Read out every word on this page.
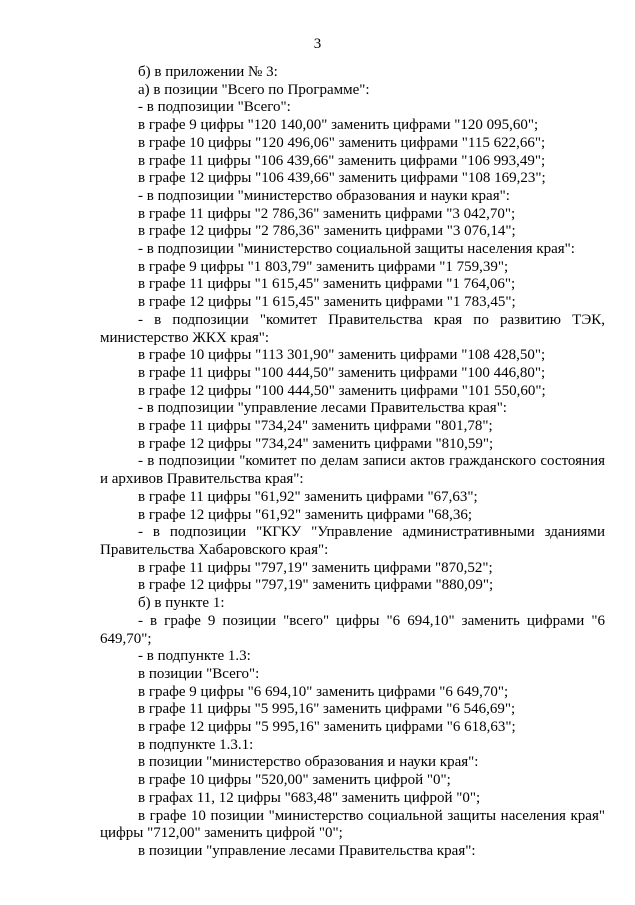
3
б) в приложении № 3:
а) в позиции "Всего по Программе":
- в подпозиции "Всего":
в графе 9 цифры "120 140,00" заменить цифрами "120 095,60";
в графе 10 цифры "120 496,06" заменить цифрами "115 622,66";
в графе 11 цифры "106 439,66" заменить цифрами "106 993,49";
в графе 12 цифры "106 439,66" заменить цифрами "108 169,23";
- в подпозиции "министерство образования и науки края":
в графе 11 цифры "2 786,36" заменить цифрами "3 042,70";
в графе 12 цифры "2 786,36" заменить цифрами "3 076,14";
- в подпозиции "министерство социальной защиты населения края":
в графе 9 цифры "1 803,79" заменить цифрами "1 759,39";
в графе 11 цифры "1 615,45" заменить цифрами "1 764,06";
в графе 12 цифры "1 615,45" заменить цифрами "1 783,45";
- в подпозиции "комитет Правительства края по развитию ТЭК, министерство ЖКХ края":
в графе 10 цифры "113 301,90" заменить цифрами "108 428,50";
в графе 11 цифры "100 444,50" заменить цифрами "100 446,80";
в графе 12 цифры "100 444,50" заменить цифрами "101 550,60";
- в подпозиции "управление лесами Правительства края":
в графе 11 цифры "734,24" заменить цифрами "801,78";
в графе 12 цифры "734,24" заменить цифрами "810,59";
- в подпозиции "комитет по делам записи актов гражданского состояния и архивов Правительства края":
в графе 11 цифры "61,92" заменить цифрами "67,63";
в графе 12 цифры "61,92" заменить цифрами "68,36;
- в подпозиции "КГКУ "Управление административными зданиями Правительства Хабаровского края":
в графе 11 цифры "797,19" заменить цифрами "870,52";
в графе 12 цифры "797,19" заменить цифрами "880,09";
б) в пункте 1:
- в графе 9 позиции "всего" цифры "6 694,10" заменить цифрами "6 649,70";
- в подпункте 1.3:
в позиции "Всего":
в графе 9 цифры "6 694,10" заменить цифрами "6 649,70";
в графе 11 цифры "5 995,16" заменить цифрами "6 546,69";
в графе 12 цифры "5 995,16" заменить цифрами "6 618,63";
в подпункте 1.3.1:
в позиции "министерство образования и науки края":
в графе 10 цифры "520,00" заменить цифрой "0";
в графах 11, 12 цифры "683,48" заменить цифрой "0";
в графе 10 позиции "министерство социальной защиты населения края" цифры "712,00" заменить цифрой "0";
в позиции "управление лесами Правительства края":
